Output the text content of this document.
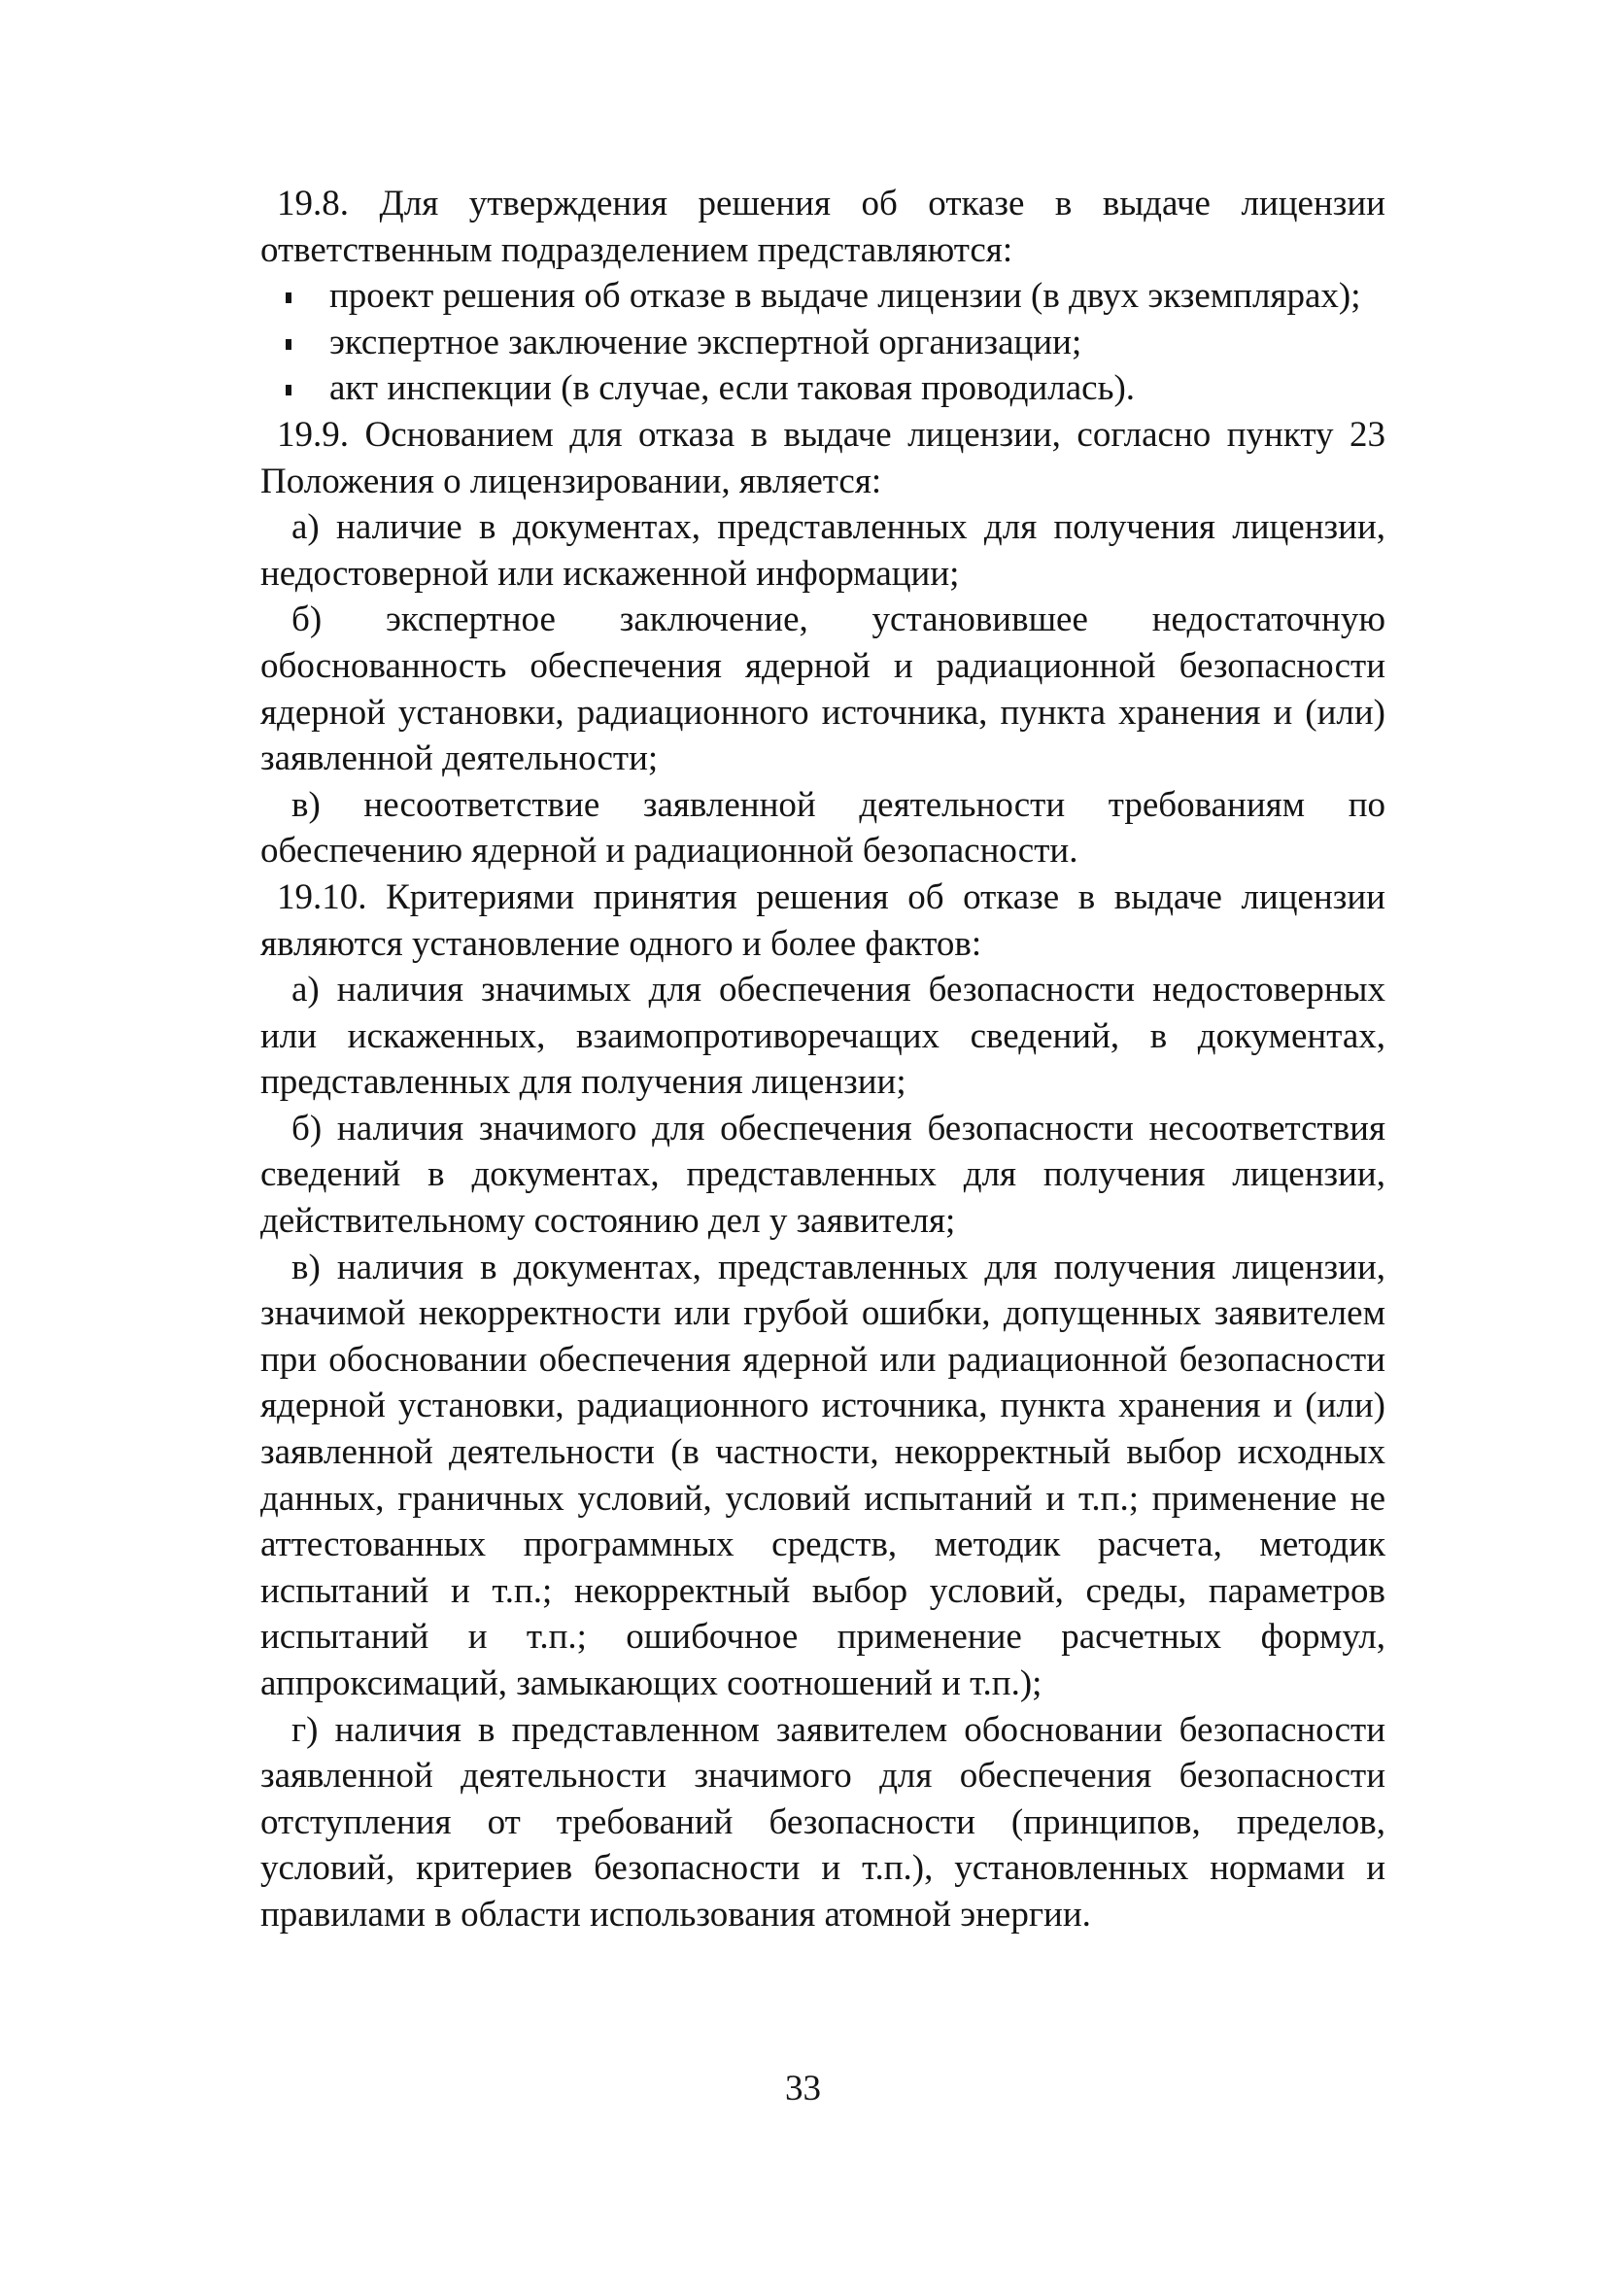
19.8. Для утверждения решения об отказе в выдаче лицензии ответственным подразделением представляются:

проект решения об отказе в выдаче лицензии (в двух экземплярах);
экспертное заключение экспертной организации;
акт инспекции (в случае, если таковая проводилась).

19.9. Основанием для отказа в выдаче лицензии, согласно пункту 23 Положения о лицензировании, является:

а) наличие в документах, представленных для получения лицензии, недостоверной или искаженной информации;

б) экспертное заключение, установившее недостаточную обоснованность обеспечения ядерной и радиационной безопасности ядерной установки, радиационного источника, пункта хранения и (или) заявленной деятельности;

в) несоответствие заявленной деятельности требованиям по обеспечению ядерной и радиационной безопасности.

19.10. Критериями принятия решения об отказе в выдаче лицензии являются установление одного и более фактов:

а) наличия значимых для обеспечения безопасности недостоверных или искаженных, взаимопротиворечащих сведений, в документах, представленных для получения лицензии;

б) наличия значимого для обеспечения безопасности несоответствия сведений в документах, представленных для получения лицензии, действительному состоянию дел у заявителя;

в) наличия в документах, представленных для получения лицензии, значимой некорректности или грубой ошибки, допущенных заявителем при обосновании обеспечения ядерной или радиационной безопасности ядерной установки, радиационного источника, пункта хранения и (или) заявленной деятельности (в частности, некорректный выбор исходных данных, граничных условий, условий испытаний и т.п.; применение не аттестованных программных средств, методик расчета, методик испытаний и т.п.; некорректный выбор условий, среды, параметров испытаний и т.п.; ошибочное применение расчетных формул, аппроксимаций, замыкающих соотношений и т.п.);

г) наличия в представленном заявителем обосновании безопасности заявленной деятельности значимого для обеспечения безопасности отступления от требований безопасности (принципов, пределов, условий, критериев безопасности и т.п.), установленных нормами и правилами в области использования атомной энергии.

33
